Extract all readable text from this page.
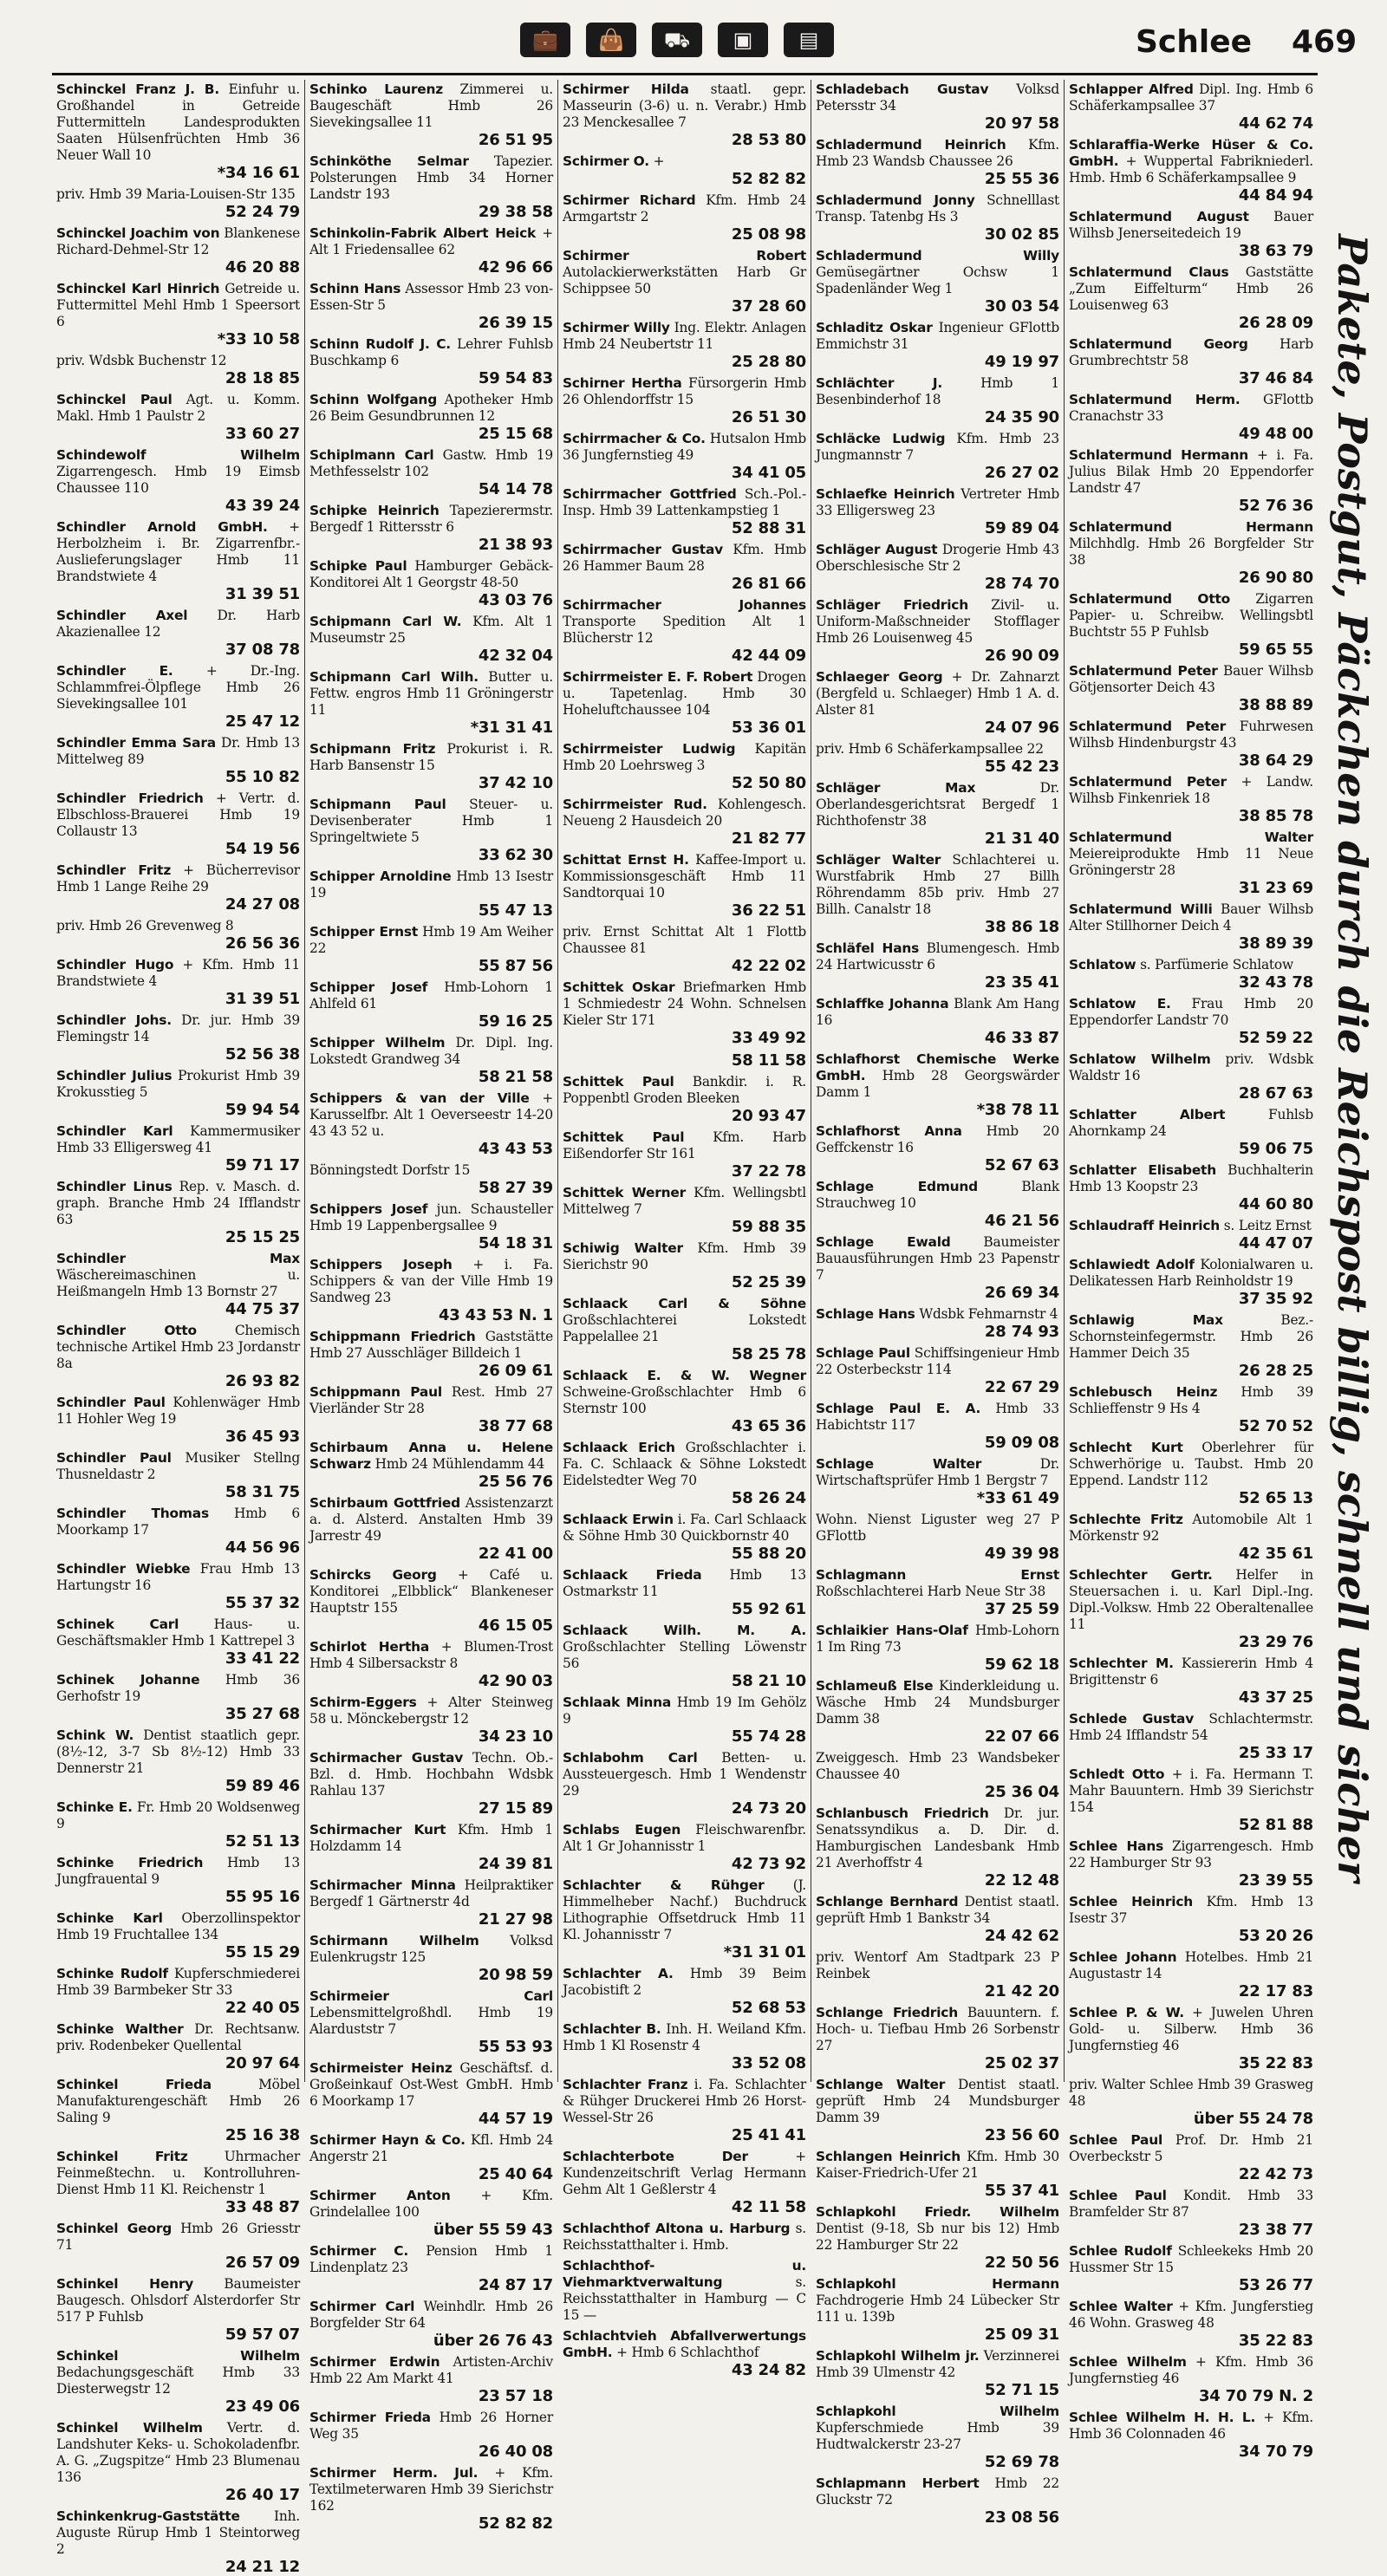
💼	👜	⛟	▣	▤	Schlee 469
Schinckel Franz J. B. Einfuhr u. Großhandel in Getreide Futtermitteln Landesprodukten Saaten Hülsenfrüchten Hmb 36 Neuer Wall 10
*34 16 61
priv. Hmb 39 Maria-Louisen-Str 135
52 24 79
Schinckel Joachim von Blankenese Richard-Dehmel-Str 12
46 20 88
Schinckel Karl Hinrich Getreide u. Futtermittel Mehl Hmb 1 Speersort 6
*33 10 58
priv. Wdsbk Buchenstr 12
28 18 85
Schinckel Paul Agt. u. Komm. Makl. Hmb 1 Paulstr 2
33 60 27
Schindewolf Wilhelm Zigarrengesch. Hmb 19 Eimsb Chaussee 110
43 39 24
Schindler Arnold GmbH. + Herbolzheim i. Br. Zigarrenfbr.-Auslieferungslager Hmb 11 Brandstwiete 4
31 39 51
Schindler Axel Dr. Harb Akazienallee 12
37 08 78
Schindler E. + Dr.-Ing. Schlammfrei-Ölpflege Hmb 26 Sievekingsallee 101
25 47 12
Schindler Emma Sara Dr. Hmb 13 Mittelweg 89
55 10 82
Schindler Friedrich + Vertr. d. Elbschloss-Brauerei Hmb 19 Collaustr 13
54 19 56
Schindler Fritz + Bücherrevisor Hmb 1 Lange Reihe 29
24 27 08
priv. Hmb 26 Grevenweg 8
26 56 36
Schindler Hugo + Kfm. Hmb 11 Brandstwiete 4
31 39 51
Schindler Johs. Dr. jur. Hmb 39 Flemingstr 14
52 56 38
Schindler Julius Prokurist Hmb 39 Krokusstieg 5
59 94 54
Schindler Karl Kammermusiker Hmb 33 Elligersweg 41
59 71 17
Schindler Linus Rep. v. Masch. d. graph. Branche Hmb 24 Ifflandstr 63
25 15 25
Schindler Max Wäschereimaschinen u. Heißmangeln Hmb 13 Bornstr 27
44 75 37
Schindler Otto	Chemisch technische Artikel Hmb 23 Jordanstr 8a
26 93 82
Schindler Paul Kohlenwäger Hmb 11 Hohler Weg 19
36 45 93
Schindler Paul Musiker Stellng Thusneldastr 2
58 31 75
Schindler Thomas Hmb 6 Moorkamp 17
44 56 96
Schindler Wiebke Frau Hmb 13 Hartungstr 16
55 37 32
Schinek Carl	Haus- u. Geschäftsmakler Hmb 1 Kattrepel 3
33 41 22
Schinek Johanne Hmb 36 Gerhofstr 19
35 27 68
Schink W. Dentist staatlich gepr. (8½-12, 3-7 Sb 8½-12) Hmb 33 Dennerstr 21
59 89 46
Schinke E. Fr. Hmb 20 Woldsenweg 9
52 51 13
Schinke Friedrich Hmb 13 Jungfrauental 9
55 95 16
Schinke Karl Oberzollinspektor Hmb 19 Fruchtallee 134
55 15 29
Schinke Rudolf Kupferschmiederei Hmb 39 Barmbeker Str 33
22 40 05
Schinke Walther Dr. Rechtsanw. priv. Rodenbeker Quellental
20 97 64
Schinkel Frieda	Möbel Manufakturengeschäft Hmb 26 Saling 9
25 16 38
Schinkel Fritz	Uhrmacher Feinmeßtechn. u. Kontrolluhren-Dienst Hmb 11 Kl. Reichenstr 1
33 48 87
Schinkel Georg Hmb 26 Griesstr 71
26 57 09
Schinkel Henry Baumeister Baugesch. Ohlsdorf Alsterdorfer Str 517 P Fuhlsb
59 57 07
Schinkel Wilhelm Bedachungsgeschäft Hmb 33 Diesterwegstr 12
23 49 06
Schinkel Wilhelm Vertr. d. Landshuter Keks- u. Schokoladenfbr. A. G. „Zugspitze“ Hmb 23 Blumenau 136
26 40 17
Schinkenkrug-Gaststätte	Inh. Auguste Rürup Hmb 1 Steintorweg 2
24 21 12
Schinko Laurenz Zimmerei u. Baugeschäft Hmb 26 Sievekingsallee 11
26 51 95
Schinköthe Selmar Tapezier. Polsterungen Hmb 34 Horner Landstr 193
29 38 58
Schinkolin-Fabrik Albert Heick + Alt 1 Friedensallee 62
42 96 66
Schinn Hans Assessor Hmb 23 von-Essen-Str 5
26 39 15
Schinn Rudolf J. C. Lehrer Fuhlsb Buschkamp 6
59 54 83
Schinn Wolfgang Apotheker Hmb 26 Beim Gesundbrunnen 12
25 15 68
Schiplmann Carl Gastw. Hmb 19 Methfesselstr 102
54 14 78
Schipke Heinrich Tapezierermstr. Bergedf 1 Rittersstr 6
21 38 93
Schipke Paul Hamburger Gebäck-Konditorei Alt 1 Georgstr 48-50
43 03 76
Schipmann Carl W. Kfm. Alt 1 Museumstr 25
42 32 04
Schipmann Carl Wilh. Butter u. Fettw. engros Hmb 11 Gröningerstr 11
*31 31 41
Schipmann Fritz Prokurist i. R. Harb Bansenstr 15
37 42 10
Schipmann Paul Steuer- u. Devisenberater Hmb 1 Springeltwiete 5
33 62 30
Schipper Arnoldine Hmb 13 Isestr 19
55 47 13
Schipper Ernst Hmb 19 Am Weiher 22
55 87 56
Schipper Josef Hmb-Lohorn 1 Ahlfeld 61
59 16 25
Schipper Wilhelm Dr. Dipl. Ing. Lokstedt Grandweg 34
58 21 58
Schippers & van der Ville + Karusselfbr. Alt 1 Oeverseestr 14-20 43 43 52 u.
43 43 53
Bönningstedt Dorfstr 15
58 27 39
Schippers Josef jun. Schausteller Hmb 19 Lappenbergsallee 9
54 18 31
Schippers Joseph + i. Fa. Schippers & van der Ville Hmb 19 Sandweg 23
43 43 53 N. 1
Schippmann Friedrich Gaststätte Hmb 27 Ausschläger Billdeich 1
26 09 61
Schippmann Paul Rest. Hmb 27 Vierländer Str 28
38 77 68
Schirbaum Anna u. Helene Schwarz Hmb 24 Mühlendamm 44
25 56 76
Schirbaum Gottfried Assistenzarzt a. d. Alsterd. Anstalten Hmb 39 Jarrestr 49
22 41 00
Schircks Georg + Café u. Konditorei „Elbblick“ Blankeneser Hauptstr 155
46 15 05
Schirlot Hertha + Blumen-Trost Hmb 4 Silbersackstr 8
42 90 03
Schirm-Eggers + Alter Steinweg 58 u. Mönckebergstr 12
34 23 10
Schirmacher Gustav Techn. Ob.-Bzl. d. Hmb. Hochbahn Wdsbk Rahlau 137
27 15 89
Schirmacher Kurt Kfm. Hmb 1 Holzdamm 14
24 39 81
Schirmacher Minna Heilpraktiker Bergedf 1 Gärtnerstr 4d
21 27 98
Schirmann Wilhelm Volksd Eulenkrugstr 125
20 98 59
Schirmeier Carl Lebensmittelgroßhdl. Hmb 19 Alarduststr 7
55 53 93
Schirmeister Heinz Geschäftsf. d. Großeinkauf Ost-West GmbH. Hmb 6 Moorkamp 17
44 57 19
Schirmer Hayn & Co. Kfl. Hmb 24 Angerstr 21
25 40 64
Schirmer Anton + Kfm. Grindelallee 100
über 55 59 43
Schirmer C. Pension Hmb 1 Lindenplatz 23
24 87 17
Schirmer Carl Weinhdlr. Hmb 26 Borgfelder Str 64
über 26 76 43
Schirmer Erdwin Artisten-Archiv Hmb 22 Am Markt 41
23 57 18
Schirmer Frieda Hmb 26 Horner Weg 35
26 40 08
Schirmer Herm. Jul. + Kfm. Textilmeterwaren Hmb 39 Sierichstr 162
52 82 82
Schirmer Hilda staatl. gepr. Masseurin (3-6) u. n. Verabr.) Hmb 23 Menckesallee 7
28 53 80
Schirmer O. +
52 82 82
Schirmer Richard Kfm. Hmb 24 Armgartstr 2
25 08 98
Schirmer Robert Autolackierwerkstätten Harb Gr Schippsee 50
37 28 60
Schirmer Willy Ing. Elektr. Anlagen Hmb 24 Neubertstr 11
25 28 80
Schirner Hertha Fürsorgerin Hmb 26 Ohlendorffstr 15
26 51 30
Schirrmacher & Co. Hutsalon Hmb 36 Jungfernstieg 49
34 41 05
Schirrmacher Gottfried Sch.-Pol.-Insp. Hmb 39 Lattenkampstieg 1
52 88 31
Schirrmacher Gustav Kfm. Hmb 26 Hammer Baum 28
26 81 66
Schirrmacher Johannes Transporte Spedition Alt 1 Blücherstr 12
42 44 09
Schirrmeister E. F. Robert Drogen u. Tapetenlag. Hmb 30 Hoheluftchaussee 104
53 36 01
Schirrmeister Ludwig Kapitän Hmb 20 Loehrsweg 3
52 50 80
Schirrmeister Rud. Kohlengesch. Neueng 2 Hausdeich 20
21 82 77
Schittat Ernst H. Kaffee-Import u. Kommissionsgeschäft Hmb 11 Sandtorquai 10
36 22 51
priv. Ernst Schittat Alt 1 Flottb Chaussee 81
42 22 02
Schittek Oskar Briefmarken Hmb 1 Schmiedestr 24 Wohn. Schnelsen Kieler Str 171
33 49 92
58 11 58
Schittek Paul Bankdir. i. R. Poppenbtl Groden Bleeken
20 93 47
Schittek Paul Kfm. Harb Eißendorfer Str 161
37 22 78
Schittek Werner Kfm. Wellingsbtl Mittelweg 7
59 88 35
Schiwig Walter Kfm. Hmb 39 Sierichstr 90
52 25 39
Schlaack Carl & Söhne Großschlachterei Lokstedt Pappelallee 21
58 25 78
Schlaack E. & W. Wegner Schweine-Großschlachter Hmb 6 Sternstr 100
43 65 36
Schlaack Erich Großschlachter i. Fa. C. Schlaack & Söhne Lokstedt Eidelstedter Weg 70
58 26 24
Schlaack Erwin i. Fa. Carl Schlaack & Söhne Hmb 30 Quickbornstr 40
55 88 20
Schlaack Frieda Hmb 13 Ostmarkstr 11
55 92 61
Schlaack Wilh. M. A. Großschlachter Stelling Löwenstr 56
58 21 10
Schlaak Minna Hmb 19 Im Gehölz 9
55 74 28
Schlabohm Carl Betten- u. Aussteuergesch. Hmb 1 Wendenstr 29
24 73 20
Schlabs Eugen Fleischwarenfbr. Alt 1 Gr Johannisstr 1
42 73 92
Schlachter & Rühger (J. Himmelheber Nachf.) Buchdruck Lithographie Offsetdruck Hmb 11 Kl. Johannisstr 7
*31 31 01
Schlachter A. Hmb 39 Beim Jacobistift 2
52 68 53
Schlachter B. Inh. H. Weiland Kfm. Hmb 1 Kl Rosenstr 4
33 52 08
Schlachter Franz i. Fa. Schlachter & Rühger Druckerei Hmb 26 Horst-Wessel-Str 26
25 41 41
Schlachterbote Der	+ Kundenzeitschrift Verlag Hermann Gehm Alt 1 Geßlerstr 4
42 11 58
Schlachthof Altona u. Harburg s. Reichsstatthalter i. Hmb.
Schlachthof- u. Viehmarktverwaltung	s. Reichsstatthalter in Hamburg — C 15 —
Schlachtvieh Abfallverwertungs GmbH. + Hmb 6 Schlachthof
43 24 82
Schladebach Gustav Volksd Petersstr 34
20 97 58
Schladermund Heinrich Kfm. Hmb 23 Wandsb Chaussee 26
25 55 36
Schladermund Jonny Schnelllast Transp. Tatenbg Hs 3
30 02 85
Schladermund Willy Gemüsegärtner Ochsw 1 Spadenländer Weg 1
30 03 54
Schladitz Oskar Ingenieur GFlottb Emmichstr 31
49 19 97
Schlächter J.	Hmb 1 Besenbinderhof 18
24 35 90
Schläcke Ludwig Kfm. Hmb 23 Jungmannstr 7
26 27 02
Schlaefke Heinrich Vertreter Hmb 33 Elligersweg 23
59 89 04
Schläger August Drogerie Hmb 43 Oberschlesische Str 2
28 74 70
Schläger Friedrich Zivil- u. Uniform-Maßschneider Stofflager Hmb 26 Louisenweg 45
26 90 09
Schlaeger Georg + Dr. Zahnarzt (Bergfeld u. Schlaeger) Hmb 1 A. d. Alster 81
24 07 96
priv. Hmb 6 Schäferkampsallee 22
55 42 23
Schläger Max	Dr. Oberlandesgerichtsrat Bergedf 1 Richthofenstr 38
21 31 40
Schläger Walter Schlachterei u. Wurstfabrik Hmb 27 Billh Röhrendamm 85b priv. Hmb 27 Billh. Canalstr 18
38 86 18
Schläfel Hans Blumengesch. Hmb 24 Hartwicusstr 6
23 35 41
Schlaffke Johanna Blank Am Hang 16
46 33 87
Schlafhorst Chemische Werke GmbH. Hmb 28 Georgswärder Damm 1
*38 78 11
Schlafhorst Anna Hmb 20 Geffckenstr 16
52 67 63
Schlage Edmund	Blank Strauchweg 10
46 21 56
Schlage Ewald Baumeister Bauausführungen Hmb 23 Papenstr 7
26 69 34
Schlage Hans Wdsbk Fehmarnstr 4
28 74 93
Schlage Paul Schiffsingenieur Hmb 22 Osterbeckstr 114
22 67 29
Schlage Paul E. A. Hmb 33 Habichtstr 117
59 09 08
Schlage Walter	Dr. Wirtschaftsprüfer Hmb 1 Bergstr 7
*33 61 49
Wohn. Nienst Liguster weg 27 P GFlottb
49 39 98
Schlagmann Ernst Roßschlachterei Harb Neue Str 38
37 25 59
Schlaikier Hans-Olaf Hmb-Lohorn 1 Im Ring 73
59 62 18
Schlameuß Else Kinderkleidung u. Wäsche Hmb 24 Mundsburger Damm 38
22 07 66
Zweiggesch. Hmb 23 Wandsbeker Chaussee 40
25 36 04
Schlanbusch Friedrich Dr. jur. Senatssyndikus a. D. Dir. d. Hamburgischen Landesbank Hmb 21 Averhoffstr 4
22 12 48
Schlange Bernhard Dentist staatl. geprüft Hmb 1 Bankstr 34
24 42 62
priv. Wentorf Am Stadtpark 23 P Reinbek
21 42 20
Schlange Friedrich Bauuntern. f. Hoch- u. Tiefbau Hmb 26 Sorbenstr 27
25 02 37
Schlange Walter Dentist staatl. geprüft Hmb 24 Mundsburger Damm 39
23 56 60
Schlangen Heinrich Kfm. Hmb 30 Kaiser-Friedrich-Ufer 21
55 37 41
Schlapkohl Friedr. Wilhelm Dentist (9-18, Sb nur bis 12) Hmb 22 Hamburger Str 22
22 50 56
Schlapkohl Hermann Fachdrogerie Hmb 24 Lübecker Str 111 u. 139b
25 09 31
Schlapkohl Wilhelm jr. Verzinnerei Hmb 39 Ulmenstr 42
52 71 15
Schlapkohl Wilhelm Kupferschmiede Hmb 39 Hudtwalckerstr 23-27
52 69 78
Schlapmann Herbert Hmb 22 Gluckstr 72
23 08 56
Schlapper Alfred Dipl. Ing. Hmb 6 Schäferkampsallee 37
44 62 74
Schlaraffia-Werke Hüser & Co. GmbH. + Wuppertal Fabrikniederl. Hmb. Hmb 6 Schäferkampsallee 9
44 84 94
Schlatermund August Bauer Wilhsb Jenerseitedeich 19
38 63 79
Schlatermund Claus Gaststätte „Zum Eiffelturm“ Hmb 26 Louisenweg 63
26 28 09
Schlatermund Georg Harb Grumbrechtstr 58
37 46 84
Schlatermund Herm. GFlottb Cranachstr 33
49 48 00
Schlatermund Hermann + i. Fa. Julius Bilak Hmb 20 Eppendorfer Landstr 47
52 76 36
Schlatermund Hermann Milchhdlg. Hmb 26 Borgfelder Str 38
26 90 80
Schlatermund Otto Zigarren Papier- u. Schreibw. Wellingsbtl Buchtstr 55 P Fuhlsb
59 65 55
Schlatermund Peter Bauer Wilhsb Götjensorter Deich 43
38 88 89
Schlatermund Peter Fuhrwesen Wilhsb Hindenburgstr 43
38 64 29
Schlatermund Peter + Landw. Wilhsb Finkenriek 18
38 85 78
Schlatermund Walter Meiereiprodukte Hmb 11 Neue Gröningerstr 28
31 23 69
Schlatermund Willi Bauer Wilhsb Alter Stillhorner Deich 4
38 89 39
Schlatow s. Parfümerie Schlatow
32 43 78
Schlatow E. Frau Hmb 20 Eppendorfer Landstr 70
52 59 22
Schlatow Wilhelm priv. Wdsbk Waldstr 16
28 67 63
Schlatter Albert	Fuhlsb Ahornkamp 24
59 06 75
Schlatter Elisabeth Buchhalterin Hmb 13 Koopstr 23
44 60 80
Schlaudraff Heinrich s. Leitz Ernst
44 47 07
Schlawiedt Adolf Kolonialwaren u. Delikatessen Harb Reinholdstr 19
37 35 92
Schlawig Max	Bez.-Schornsteinfegermstr. Hmb 26 Hammer Deich 35
26 28 25
Schlebusch Heinz Hmb 39 Schlieffenstr 9 Hs 4
52 70 52
Schlecht Kurt Oberlehrer für Schwerhörige u. Taubst. Hmb 20 Eppend. Landstr 112
52 65 13
Schlechte Fritz Automobile Alt 1 Mörkenstr 92
42 35 61
Schlechter Gertr. Helfer in Steuersachen i. u. Karl Dipl.-Ing. Dipl.-Volksw. Hmb 22 Oberaltenallee 11
23 29 76
Schlechter M. Kassiererin Hmb 4 Brigittenstr 6
43 37 25
Schlede Gustav Schlachtermstr. Hmb 24 Ifflandstr 54
25 33 17
Schledt Otto + i. Fa. Hermann T. Mahr Bauuntern. Hmb 39 Sierichstr 154
52 81 88
Schlee Hans Zigarrengesch. Hmb 22 Hamburger Str 93
23 39 55
Schlee Heinrich Kfm. Hmb 13 Isestr 37
53 20 26
Schlee Johann Hotelbes. Hmb 21 Augustastr 14
22 17 83
Schlee P. & W. + Juwelen Uhren Gold- u. Silberw. Hmb 36 Jungfernstieg 46
35 22 83
priv. Walter Schlee Hmb 39 Grasweg 48
über 55 24 78
Schlee Paul Prof. Dr. Hmb 21 Overbeckstr 5
22 42 73
Schlee Paul Kondit. Hmb 33 Bramfelder Str 87
23 38 77
Schlee Rudolf Schleekeks Hmb 20 Hussmer Str 15
53 26 77
Schlee Walter + Kfm. Jungferstieg 46 Wohn. Grasweg 48
35 22 83
Schlee Wilhelm + Kfm. Hmb 36 Jungfernstieg 46
34 70 79 N. 2
Schlee Wilhelm H. H. L. + Kfm. Hmb 36 Colonnaden 46
34 70 79
Pakete, Postgut, Päckchen durch die Reichspost billig, schnell und sicher
